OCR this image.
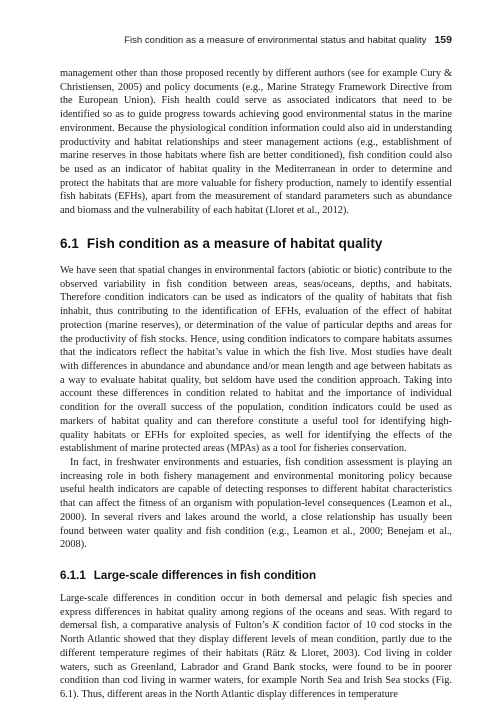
Fish condition as a measure of environmental status and habitat quality 159

management other than those proposed recently by different authors (see for example Cury & Christiensen, 2005) and policy documents (e.g., Marine Strategy Framework Directive from the European Union). Fish health could serve as associated indicators that need to be identified so as to guide progress towards achieving good environmental status in the marine environment. Because the physiological condition information could also aid in understanding productivity and habitat relationships and steer management actions (e.g., establishment of marine reserves in those habitats where fish are better conditioned), fish condition could also be used as an indicator of habitat quality in the Mediterranean in order to determine and protect the habitats that are more valuable for fishery production, namely to identify essential fish habitats (EFHs), apart from the measurement of standard parameters such as abundance and biomass and the vulnerability of each habitat (Lloret et al., 2012).

6.1 Fish condition as a measure of habitat quality

We have seen that spatial changes in environmental factors (abiotic or biotic) contribute to the observed variability in fish condition between areas, seas/oceans, depths, and habitats. Therefore condition indicators can be used as indicators of the quality of habitats that fish inhabit, thus contributing to the identification of EFHs, evaluation of the effect of habitat protection (marine reserves), or determination of the value of particular depths and areas for the productivity of fish stocks. Hence, using condition indicators to compare habitats assumes that the indicators reflect the habitat’s value in which the fish live. Most studies have dealt with differences in abundance and abundance and/or mean length and age between habitats as a way to evaluate habitat quality, but seldom have used the condition approach. Taking into account these differences in condition related to habitat and the importance of individual condition for the overall success of the population, condition indicators could be used as markers of habitat quality and can therefore constitute a useful tool for identifying high-quality habitats or EFHs for exploited species, as well for identifying the effects of the establishment of marine protected areas (MPAs) as a tool for fisheries conservation.

In fact, in freshwater environments and estuaries, fish condition assessment is playing an increasing role in both fishery management and environmental monitoring policy because useful health indicators are capable of detecting responses to different habitat characteristics that can affect the fitness of an organism with population-level consequences (Leamon et al., 2000). In several rivers and lakes around the world, a close relationship has usually been found between water quality and fish condition (e.g., Leamon et al., 2000; Benejam et al., 2008).

6.1.1 Large-scale differences in fish condition

Large-scale differences in condition occur in both demersal and pelagic fish species and express differences in habitat quality among regions of the oceans and seas. With regard to demersal fish, a comparative analysis of Fulton’s K condition factor of 10 cod stocks in the North Atlantic showed that they display different levels of mean condition, partly due to the different temperature regimes of their habitats (Rätz & Lloret, 2003). Cod living in colder waters, such as Greenland, Labrador and Grand Bank stocks, were found to be in poorer condition than cod living in warmer waters, for example North Sea and Irish Sea stocks (Fig. 6.1). Thus, different areas in the North Atlantic display differences in temperature
